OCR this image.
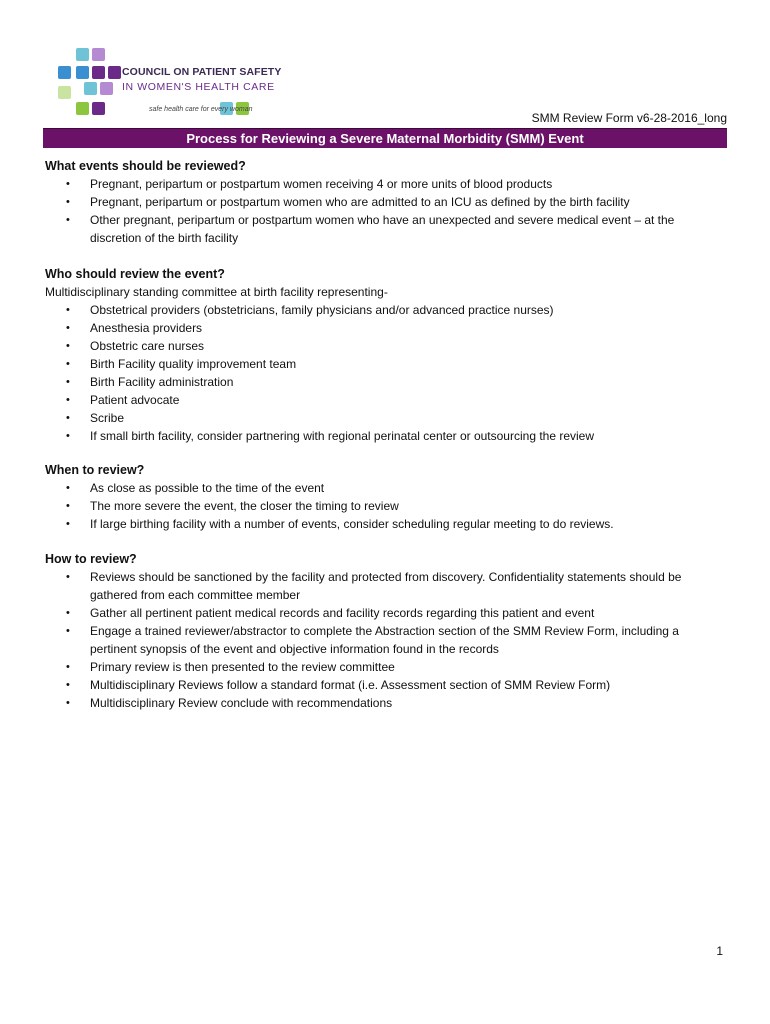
COUNCIL ON PATIENT SAFETY
IN WOMEN'S HEALTH CARE
safe health care for every woman
SMM Review Form v6-28-2016_long
Process for Reviewing a Severe Maternal Morbidity (SMM) Event

What events should be reviewed?

• Pregnant, peripartum or postpartum women receiving 4 or more units of blood products
• Pregnant, peripartum or postpartum women who are admitted to an ICU as defined by the birth facility
• Other pregnant, peripartum or postpartum women who have an unexpected and severe medical event – at the discretion of the birth facility

Who should review the event?

Multidisciplinary standing committee at birth facility representing-

• Obstetrical providers (obstetricians, family physicians and/or advanced practice nurses)
• Anesthesia providers
• Obstetric care nurses
• Birth Facility quality improvement team
• Birth Facility administration
• Patient advocate
• Scribe
• If small birth facility, consider partnering with regional perinatal center or outsourcing the review

When to review?

• As close as possible to the time of the event
• The more severe the event, the closer the timing to review
• If large birthing facility with a number of events, consider scheduling regular meeting to do reviews.

How to review?

• Reviews should be sanctioned by the facility and protected from discovery. Confidentiality statements should be gathered from each committee member
• Gather all pertinent patient medical records and facility records regarding this patient and event
• Engage a trained reviewer/abstractor to complete the Abstraction section of the SMM Review Form, including a pertinent synopsis of the event and objective information found in the records
• Primary review is then presented to the review committee
• Multidisciplinary Reviews follow a standard format (i.e. Assessment section of SMM Review Form)
• Multidisciplinary Review conclude with recommendations
1
